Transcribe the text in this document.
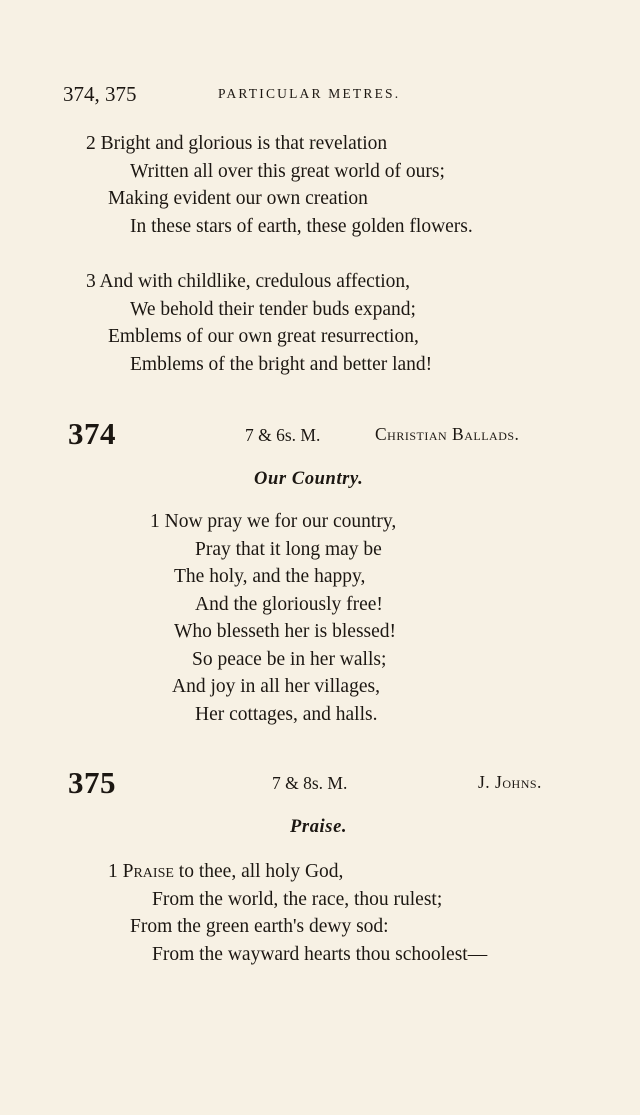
374, 375	PARTICULAR METRES.
2 Bright and glorious is that revelation
Written all over this great world of ours;
Making evident our own creation
In these stars of earth, these golden flowers.
3 And with childlike, credulous affection,
We behold their tender buds expand;
Emblems of our own great resurrection,
Emblems of the bright and better land!
374	7 & 6s. M.	Christian Ballads.
Our Country.
1 Now pray we for our country,
Pray that it long may be
The holy, and the happy,
And the gloriously free!
Who blesseth her is blessed!
So peace be in her walls;
And joy in all her villages,
Her cottages, and halls.
375	7 & 8s. M.	J. Johns.
Praise.
1 Praise to thee, all holy God,
From the world, the race, thou rulest;
From the green earth's dewy sod:
From the wayward hearts thou schoolest—
